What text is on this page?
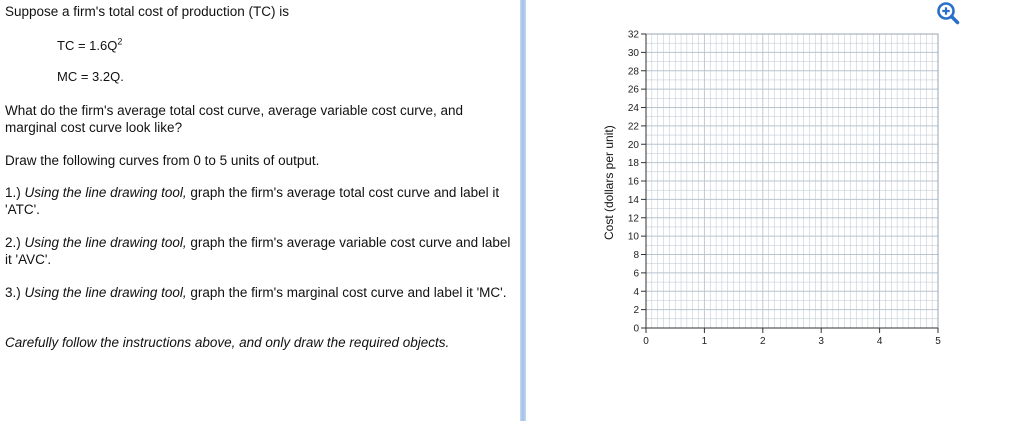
Suppose a firm's total cost of production (TC) is
TC = $1.6Q^2$
MC = 3.2Q.
What do the firm's average total cost curve, average variable cost curve, and marginal cost curve look like?
Draw the following curves from 0 to 5 units of output.
1.) Using the line drawing tool, graph the firm's average total cost curve and label it 'ATC'.
2.) Using the line drawing tool, graph the firm's average variable cost curve and label it 'AVC'.
3.) Using the line drawing tool, graph the firm's marginal cost curve and label it 'MC'.
Carefully follow the instructions above, and only draw the required objects.
Cost (dollars per unit)
0
2
4
6
8
10
12
14
16
18
20
22
24
26
28
30
32
0	1	2	3	4	5
